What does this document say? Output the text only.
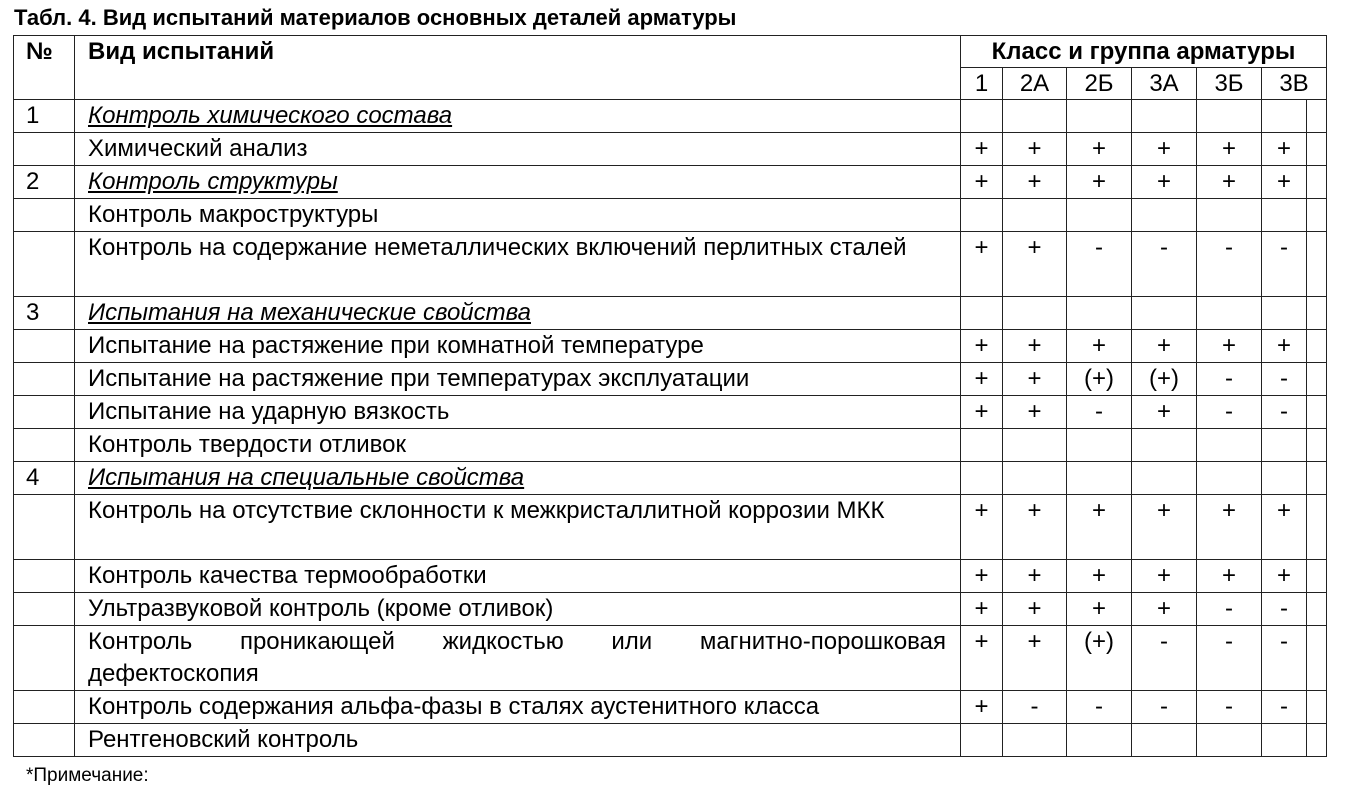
Табл. 4. Вид испытаний материалов основных деталей арматуры
№	Вид испытаний	Класс и группа арматуры						
		1	2А	2Б	3А	3Б	3В	
1	Контроль химического состава							
	Химический анализ	+	+	+	+	+	+	
2	Контроль структуры	+	+	+	+	+	+	
	Контроль макроструктуры							
	Контроль на содержание неметаллических включений перлитных сталей	+	+	-	-	-	-	
3	Испытания на механические свойства							
	Испытание на растяжение при комнатной температуре	+	+	+	+	+	+	
	Испытание на растяжение при температурах эксплуатации	+	+	(+)	(+)	-	-	
	Испытание на ударную вязкость	+	+	-	+	-	-	
	Контроль твердости отливок							
4	Испытания на специальные свойства							
	Контроль на отсутствие склонности к межкристаллитной коррозии МКК	+	+	+	+	+	+	
	Контроль качества термообработки	+	+	+	+	+	+	
	Ультразвуковой контроль (кроме отливок)	+	+	+	+	-	-	
	Контроль проникающей жидкостью или магнитно-порошковая дефектоскопия	+	+	(+)	-	-	-	
	Контроль содержания альфа-фазы в сталях аустенитного класса	+	-	-	-	-	-	
	Рентгеновский контроль							
*Примечание:
